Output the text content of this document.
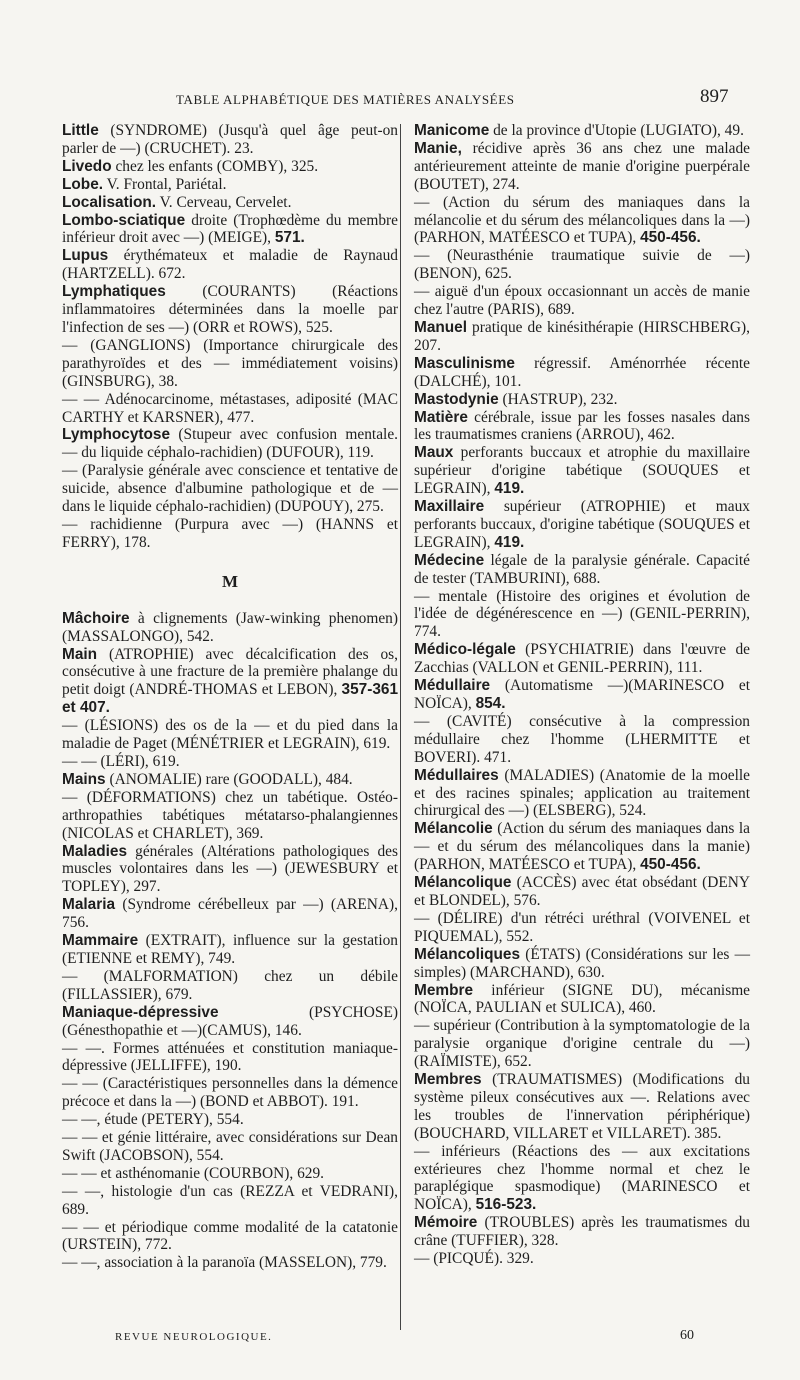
TABLE ALPHABÉTIQUE DES MATIÈRES ANALYSÉES	897

Little (SYNDROME) (Jusqu'à quel âge peut-on parler de —) (CRUCHET). 23.

Livedo chez les enfants (COMBY), 325.

Lobe. V. Frontal, Pariétal.

Localisation. V. Cerveau, Cervelet.

Lombo-sciatique droite (Trophœdème du membre inférieur droit avec —) (MEIGE), 571.

Lupus érythémateux et maladie de Raynaud (HARTZELL). 672.

Lymphatiques (COURANTS) (Réactions inflammatoires déterminées dans la moelle par l'infection de ses —) (ORR et ROWS), 525.

— (GANGLIONS) (Importance chirurgicale des parathyroïdes et des — immédiatement voisins) (GINSBURG), 38.

— — Adénocarcinome, métastases, adiposité (MAC CARTHY et KARSNER), 477.

Lymphocytose (Stupeur avec confusion mentale. — du liquide céphalo-rachidien) (DUFOUR), 119.

— (Paralysie générale avec conscience et tentative de suicide, absence d'albumine pathologique et de — dans le liquide céphalo-rachidien) (DUPOUY), 275.

— rachidienne (Purpura avec —) (HANNS et FERRY), 178.

M

Mâchoire à clignements (Jaw-winking phenomen) (MASSALONGO), 542.

Main (ATROPHIE) avec décalcification des os, consécutive à une fracture de la première phalange du petit doigt (ANDRÉ-THOMAS et LEBON), 357-361 et 407.

— (LÉSIONS) des os de la — et du pied dans la maladie de Paget (MÉNÉTRIER et LEGRAIN), 619.

— — (LÉRI), 619.

Mains (ANOMALIE) rare (GOODALL), 484.

— (DÉFORMATIONS) chez un tabétique. Ostéo-arthropathies tabétiques métatarso-phalangiennes (NICOLAS et CHARLET), 369.

Maladies générales (Altérations pathologiques des muscles volontaires dans les —) (JEWESBURY et TOPLEY), 297.

Malaria (Syndrome cérébelleux par —) (ARENA), 756.

Mammaire (EXTRAIT), influence sur la gestation (ETIENNE et REMY), 749.

— (MALFORMATION) chez un débile (FILLASSIER), 679.

Maniaque-dépressive (PSYCHOSE) (Génesthopathie et —)(CAMUS), 146.

— —. Formes atténuées et constitution maniaque-dépressive (JELLIFFE), 190.

— — (Caractéristiques personnelles dans la démence précoce et dans la —) (BOND et ABBOT). 191.

— —, étude (PETERY), 554.

— — et génie littéraire, avec considérations sur Dean Swift (JACOBSON), 554.

— — et asthénomanie (COURBON), 629.

— —, histologie d'un cas (REZZA et VEDRANI), 689.

— — et périodique comme modalité de la catatonie (URSTEIN), 772.

— —, association à la paranoïa (MASSELON), 779.

Manicome de la province d'Utopie (LUGIATO), 49.

Manie, récidive après 36 ans chez une malade antérieurement atteinte de manie d'origine puerpérale (BOUTET), 274.

— (Action du sérum des maniaques dans la mélancolie et du sérum des mélancoliques dans la —) (PARHON, MATÉESCO et TUPA), 450-456.

— (Neurasthénie traumatique suivie de —) (BENON), 625.

— aiguë d'un époux occasionnant un accès de manie chez l'autre (PARIS), 689.

Manuel pratique de kinésithérapie (HIRSCHBERG), 207.

Masculinisme régressif. Aménorrhée récente (DALCHÉ), 101.

Mastodynie (HASTRUP), 232.

Matière cérébrale, issue par les fosses nasales dans les traumatismes craniens (ARROU), 462.

Maux perforants buccaux et atrophie du maxillaire supérieur d'origine tabétique (SOUQUES et LEGRAIN), 419.

Maxillaire supérieur (ATROPHIE) et maux perforants buccaux, d'origine tabétique (SOUQUES et LEGRAIN), 419.

Médecine légale de la paralysie générale. Capacité de tester (TAMBURINI), 688.

— mentale (Histoire des origines et évolution de l'idée de dégénérescence en —) (GENIL-PERRIN), 774.

Médico-légale (PSYCHIATRIE) dans l'œuvre de Zacchias (VALLON et GENIL-PERRIN), 111.

Médullaire (Automatisme —)(MARINESCO et NOÏCA), 854.

— (CAVITÉ) consécutive à la compression médullaire chez l'homme (LHERMITTE et BOVERI). 471.

Médullaires (MALADIES) (Anatomie de la moelle et des racines spinales; application au traitement chirurgical des —) (ELSBERG), 524.

Mélancolie (Action du sérum des maniaques dans la — et du sérum des mélancoliques dans la manie) (PARHON, MATÉESCO et TUPA), 450-456.

Mélancolique (ACCÈS) avec état obsédant (DENY et BLONDEL), 576.

— (DÉLIRE) d'un rétréci uréthral (VOIVENEL et PIQUEMAL), 552.

Mélancoliques (ÉTATS) (Considérations sur les — simples) (MARCHAND), 630.

Membre inférieur (SIGNE DU), mécanisme (NOÏCA, PAULIAN et SULICA), 460.

— supérieur (Contribution à la symptomatologie de la paralysie organique d'origine centrale du —) (RAÏMISTE), 652.

Membres (TRAUMATISMES) (Modifications du système pileux consécutives aux —. Relations avec les troubles de l'innervation périphérique) (BOUCHARD, VILLARET et VILLARET). 385.

— inférieurs (Réactions des — aux excitations extérieures chez l'homme normal et chez le paraplégique spasmodique) (MARINESCO et NOÏCA), 516-523.

Mémoire (TROUBLES) après les traumatismes du crâne (TUFFIER), 328.

— (PICQUÉ). 329.

REVUE NEUROLOGIQUE.	60
